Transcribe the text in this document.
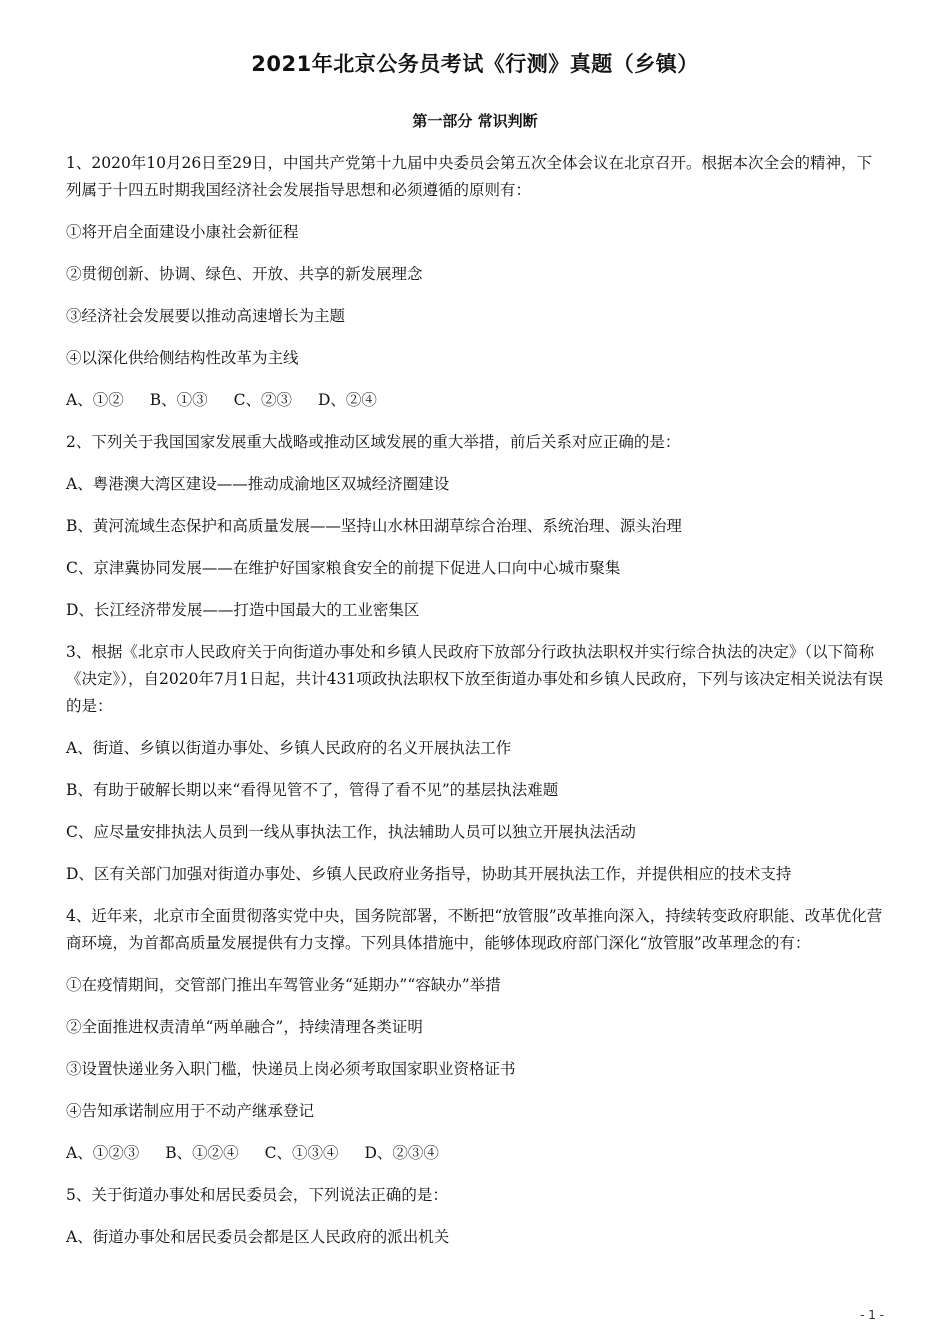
2021年北京公务员考试《行测》真题（乡镇）
第一部分 常识判断

1、2020年10月26日至29日，中国共产党第十九届中央委员会第五次全体会议在北京召开。根据本次全会的精神，下列属于十四五时期我国经济社会发展指导思想和必须遵循的原则有：

①将开启全面建设小康社会新征程

②贯彻创新、协调、绿色、开放、共享的新发展理念

③经济社会发展要以推动高速增长为主题

④以深化供给侧结构性改革为主线

A、①② B、①③ C、②③ D、②④

2、下列关于我国国家发展重大战略或推动区域发展的重大举措，前后关系对应正确的是：

A、粤港澳大湾区建设——推动成渝地区双城经济圈建设

B、黄河流域生态保护和高质量发展——坚持山水林田湖草综合治理、系统治理、源头治理

C、京津冀协同发展——在维护好国家粮食安全的前提下促进人口向中心城市聚集

D、长江经济带发展——打造中国最大的工业密集区

3、根据《北京市人民政府关于向街道办事处和乡镇人民政府下放部分行政执法职权并实行综合执法的决定》（以下简称《决定》），自2020年7月1日起，共计431项政执法职权下放至街道办事处和乡镇人民政府，下列与该决定相关说法有误的是：

A、街道、乡镇以街道办事处、乡镇人民政府的名义开展执法工作

B、有助于破解长期以来“看得见管不了，管得了看不见”的基层执法难题

C、应尽量安排执法人员到一线从事执法工作，执法辅助人员可以独立开展执法活动

D、区有关部门加强对街道办事处、乡镇人民政府业务指导，协助其开展执法工作，并提供相应的技术支持

4、近年来，北京市全面贯彻落实党中央，国务院部署，不断把“放管服”改革推向深入，持续转变政府职能、改革优化营商环境，为首都高质量发展提供有力支撑。下列具体措施中，能够体现政府部门深化“放管服”改革理念的有：

①在疫情期间，交管部门推出车驾管业务“延期办”“容缺办”举措

②全面推进权责清单“两单融合”，持续清理各类证明

③设置快递业务入职门槛，快递员上岗必须考取国家职业资格证书

④告知承诺制应用于不动产继承登记

A、①②③ B、①②④ C、①③④ D、②③④

5、关于街道办事处和居民委员会，下列说法正确的是：

A、街道办事处和居民委员会都是区人民政府的派出机关

- 1 -
